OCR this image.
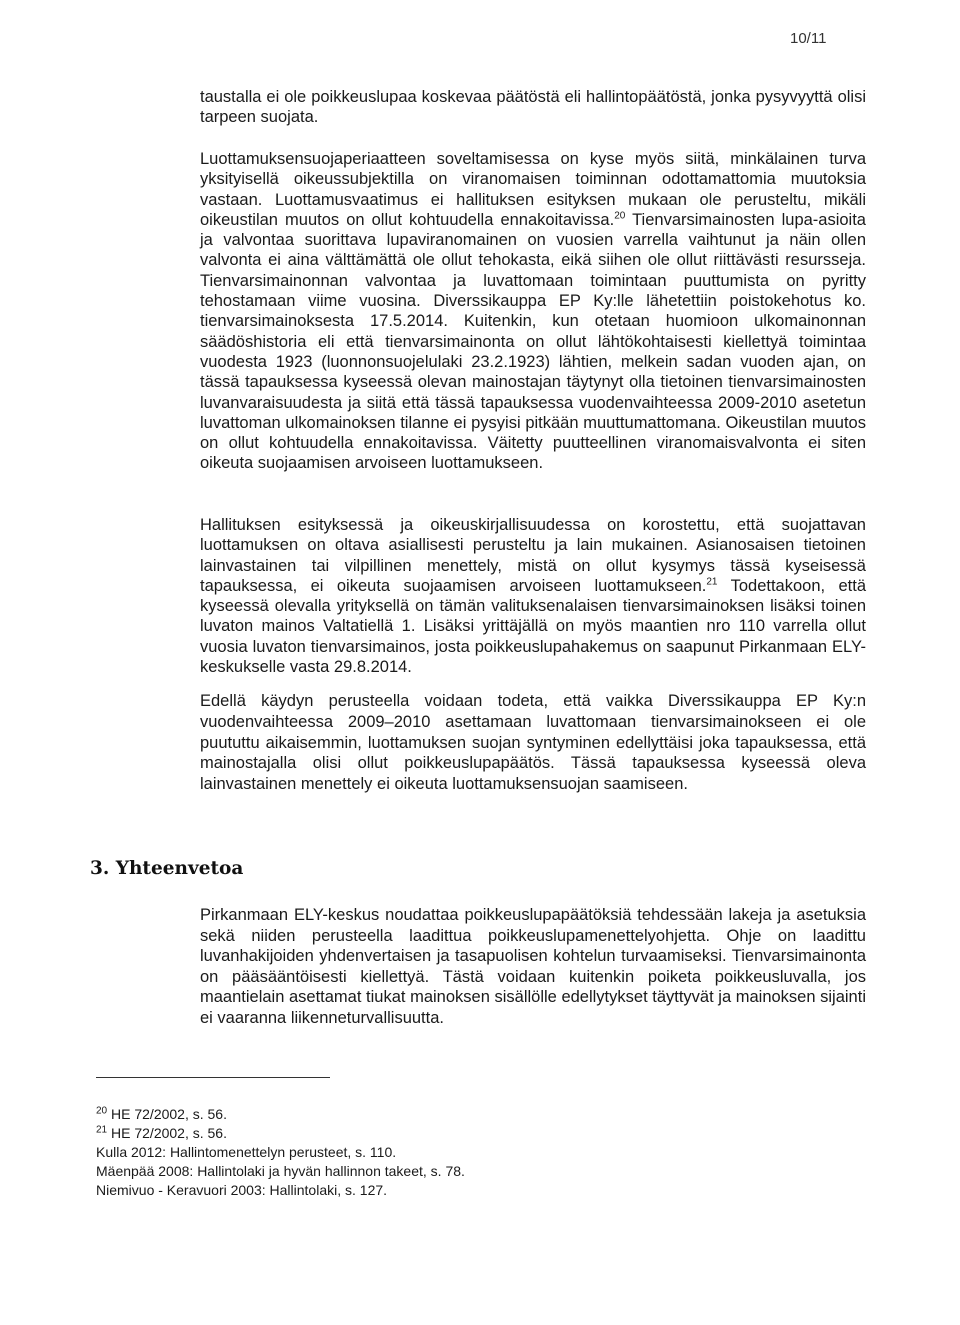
10/11

taustalla ei ole poikkeuslupaa koskevaa päätöstä eli hallintopäätöstä, jonka pysyvyyttä olisi tarpeen suojata.

Luottamuksensuojaperiaatteen soveltamisessa on kyse myös siitä, minkälainen turva yksityisellä oikeussubjektilla on viranomaisen toiminnan odottamattomia muutoksia vastaan. Luottamusvaatimus ei hallituksen esityksen mukaan ole perusteltu, mikäli oikeustilan muutos on ollut kohtuudella ennakoitavissa.$^{20}$ Tienvarsimainosten lupa-asioita ja valvontaa suorittava lupaviranomainen on vuosien varrella vaihtunut ja näin ollen valvonta ei aina välttämättä ole ollut tehokasta, eikä siihen ole ollut riittävästi resursseja. Tienvarsimainonnan valvontaa ja luvattomaan toimintaan puuttumista on pyritty tehostamaan viime vuosina. Diverssikauppa EP Ky:lle lähetettiin poistokehotus ko. tienvarsimainoksesta 17.5.2014. Kuitenkin, kun otetaan huomioon ulkomainonnan säädöshistoria eli että tienvarsimainonta on ollut lähtökohtaisesti kiellettyä toimintaa vuodesta 1923 (luonnonsuojelulaki 23.2.1923) lähtien, melkein sadan vuoden ajan, on tässä tapauksessa kyseessä olevan mainostajan täytynyt olla tietoinen tienvarsimainosten luvanvaraisuudesta ja siitä että tässä tapauksessa vuodenvaihteessa 2009-2010 asetetun luvattoman ulkomainoksen tilanne ei pysyisi pitkään muuttumattomana. Oikeustilan muutos on ollut kohtuudella ennakoitavissa. Väitetty puutteellinen viranomaisvalvonta ei siten oikeuta suojaamisen arvoiseen luottamukseen.

Hallituksen esityksessä ja oikeuskirjallisuudessa on korostettu, että suojattavan luottamuksen on oltava asiallisesti perusteltu ja lain mukainen. Asianosaisen tietoinen lainvastainen tai vilpillinen menettely, mistä on ollut kysymys tässä kyseisessä tapauksessa, ei oikeuta suojaamisen arvoiseen luottamukseen.$^{21}$ Todettakoon, että kyseessä olevalla yrityksellä on tämän valituksenalaisen tienvarsimainoksen lisäksi toinen luvaton mainos Valtatiellä 1. Lisäksi yrittäjällä on myös maantien nro 110 varrella ollut vuosia luvaton tienvarsimainos, josta poikkeuslupahakemus on saapunut Pirkanmaan ELY-keskukselle vasta 29.8.2014.

Edellä käydyn perusteella voidaan todeta, että vaikka Diverssikauppa EP Ky:n vuodenvaihteessa 2009–2010 asettamaan luvattomaan tienvarsimainokseen ei ole puututtu aikaisemmin, luottamuksen suojan syntyminen edellyttäisi joka tapauksessa, että mainostajalla olisi ollut poikkeuslupapäätös. Tässä tapauksessa kyseessä oleva lainvastainen menettely ei oikeuta luottamuksensuojan saamiseen.

3. Yhteenvetoa

Pirkanmaan ELY-keskus noudattaa poikkeuslupapäätöksiä tehdessään lakeja ja asetuksia sekä niiden perusteella laadittua poikkeuslupamenettelyohjetta. Ohje on laadittu luvanhakijoiden yhdenvertaisen ja tasapuolisen kohtelun turvaamiseksi. Tienvarsimainonta on pääsääntöisesti kiellettyä. Tästä voidaan kuitenkin poiketa poikkeusluvalla, jos maantielain asettamat tiukat mainoksen sisällölle edellytykset täyttyvät ja mainoksen sijainti ei vaaranna liikenneturvallisuutta.

$^{20}$ HE 72/2002, s. 56.
$^{21}$ HE 72/2002, s. 56.
Kulla 2012: Hallintomenettelyn perusteet, s. 110.
Mäenpää 2008: Hallintolaki ja hyvän hallinnon takeet, s. 78.
Niemivuo - Keravuori 2003: Hallintolaki, s. 127.
